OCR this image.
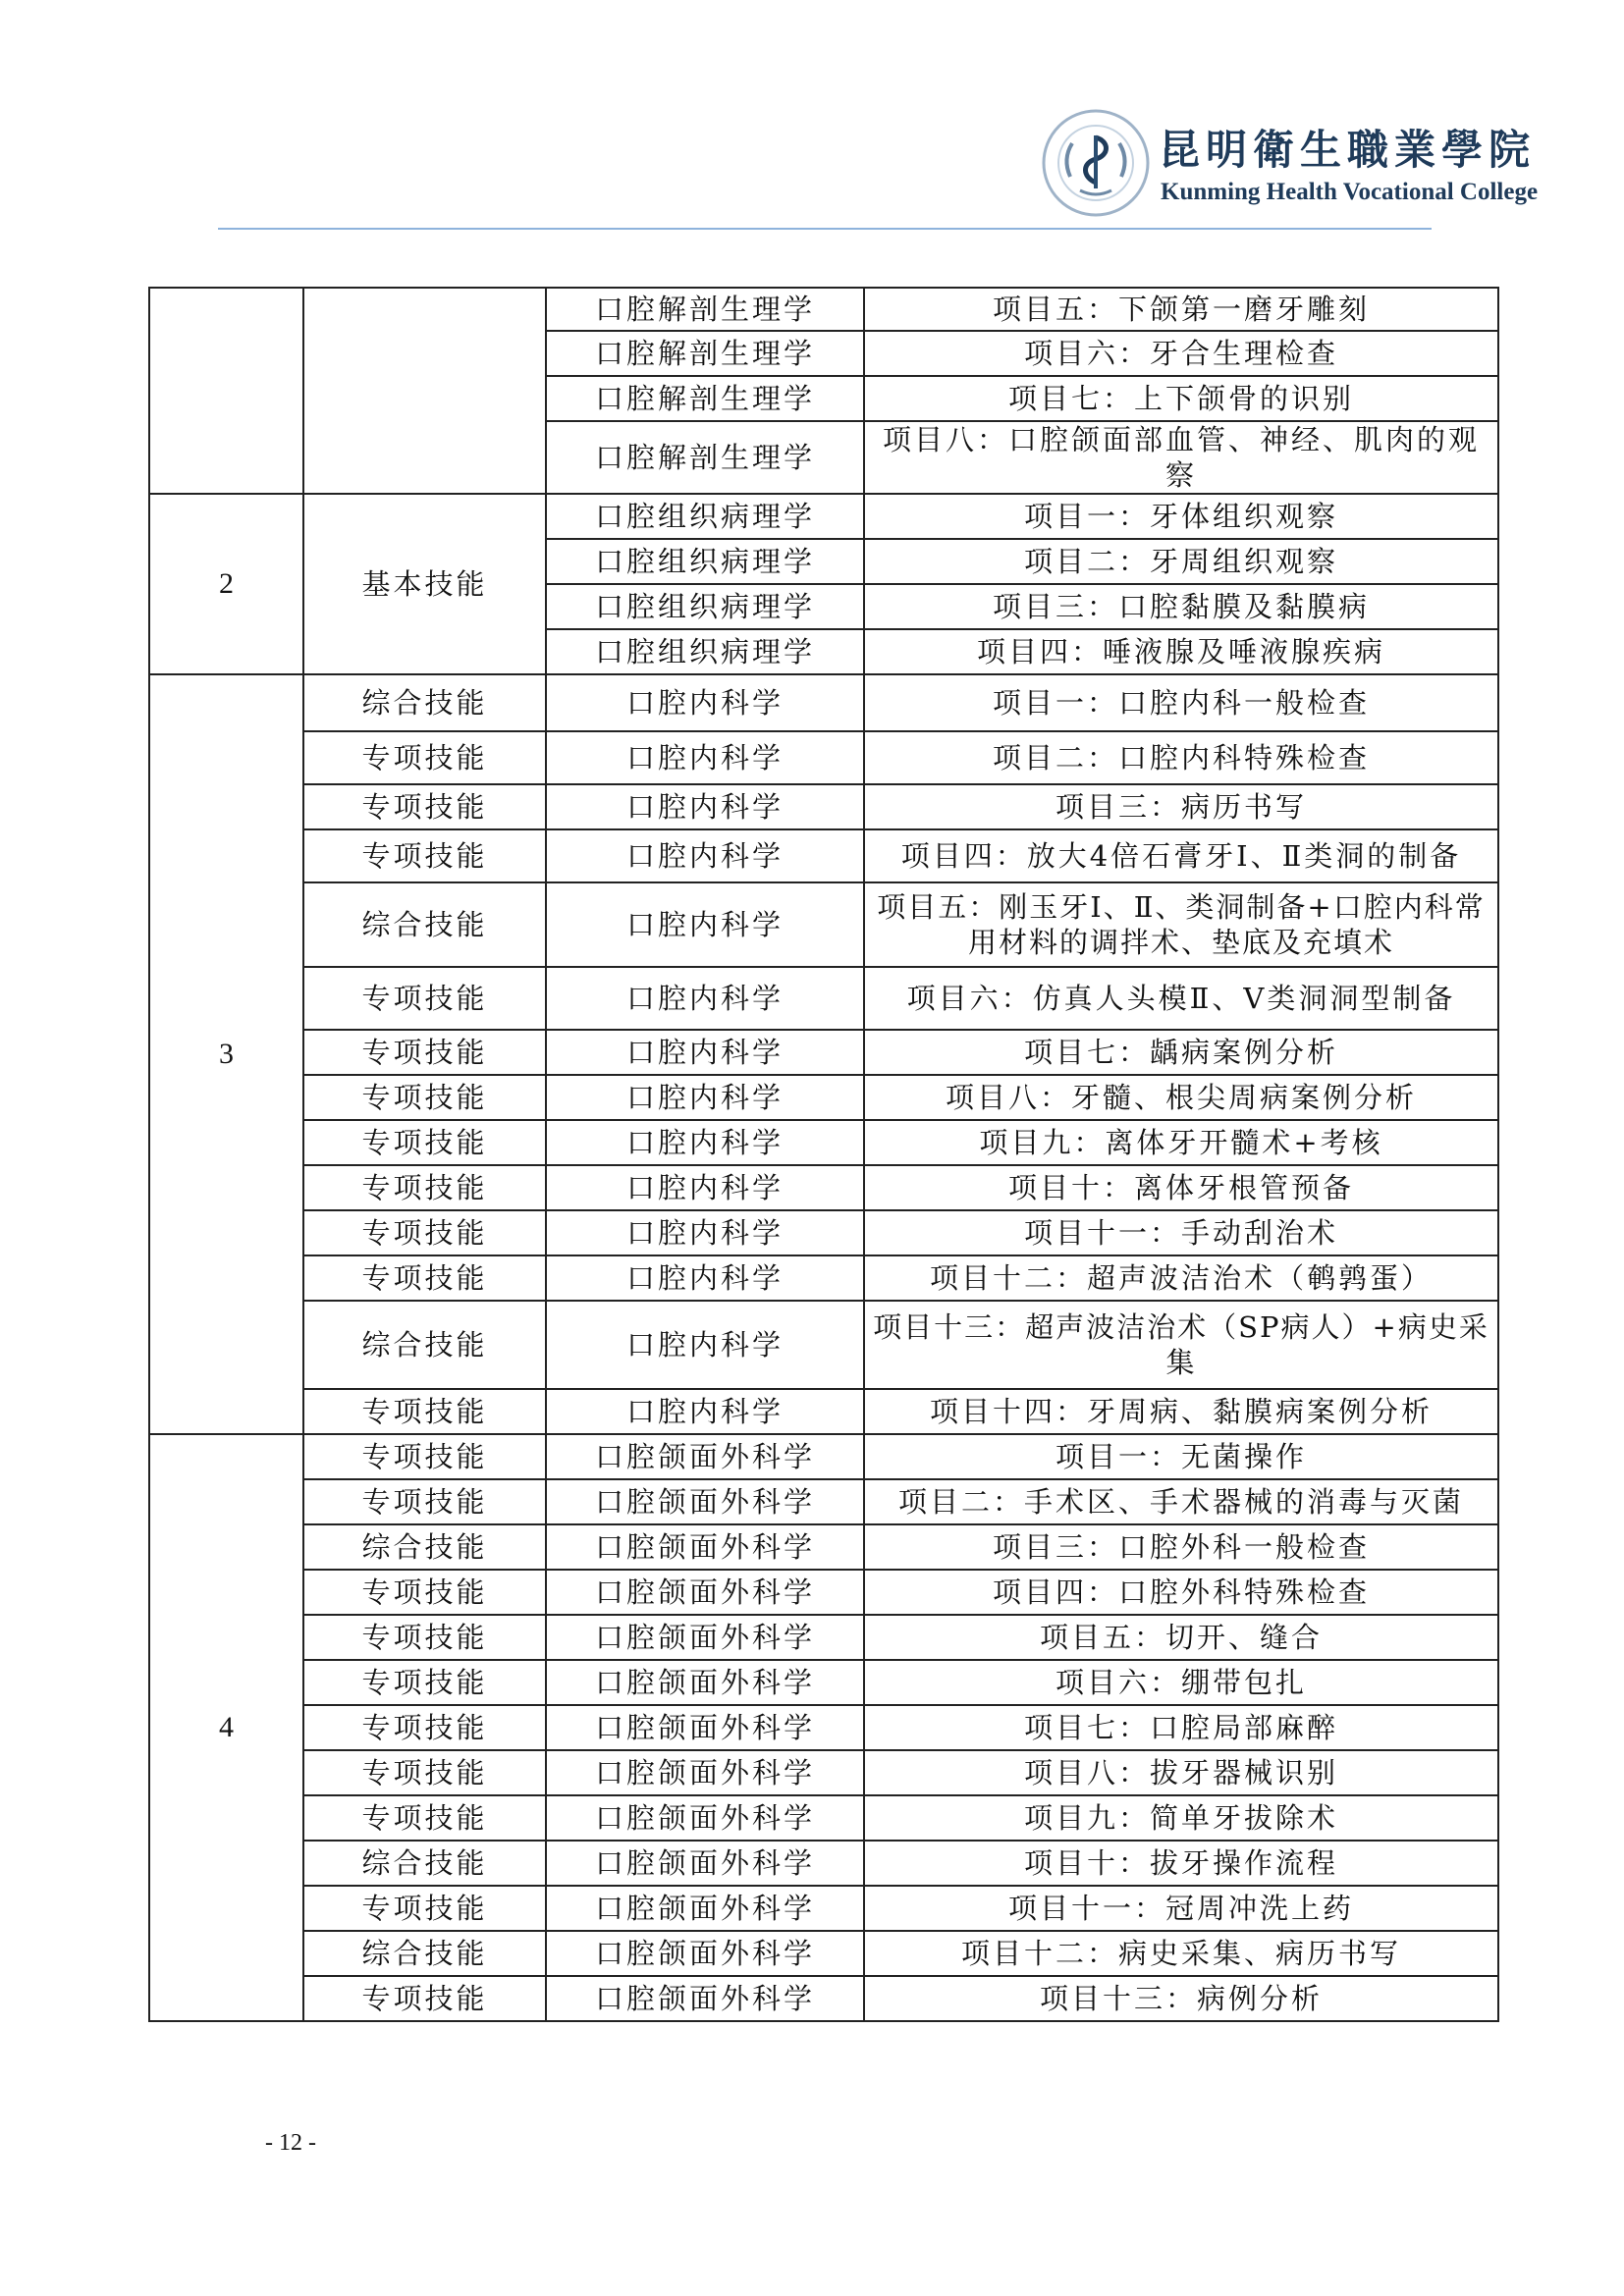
昆明衛生職業學院
Kunming Health Vocational College
		口腔解剖生理学	项目五：下颌第一磨牙雕刻
		口腔解剖生理学	项目六：牙合生理检查
		口腔解剖生理学	项目七：上下颌骨的识别
		口腔解剖生理学	项目八：口腔颌面部血管、神经、肌肉的观察
2	基本技能	口腔组织病理学	项目一：牙体组织观察
		口腔组织病理学	项目二：牙周组织观察
		口腔组织病理学	项目三：口腔黏膜及黏膜病
		口腔组织病理学	项目四：唾液腺及唾液腺疾病
3	综合技能	口腔内科学	项目一：口腔内科一般检查
	专项技能	口腔内科学	项目二：口腔内科特殊检查
	专项技能	口腔内科学	项目三：病历书写
	专项技能	口腔内科学	项目四：放大4倍石膏牙Ⅰ、Ⅱ类洞的制备
	综合技能	口腔内科学	项目五：刚玉牙Ⅰ、Ⅱ、类洞制备+口腔内科常用材料的调拌术、垫底及充填术
	专项技能	口腔内科学	项目六：仿真人头模Ⅱ、Ⅴ类洞洞型制备
	专项技能	口腔内科学	项目七：龋病案例分析
	专项技能	口腔内科学	项目八：牙髓、根尖周病案例分析
	专项技能	口腔内科学	项目九：离体牙开髓术+考核
	专项技能	口腔内科学	项目十：离体牙根管预备
	专项技能	口腔内科学	项目十一：手动刮治术
	专项技能	口腔内科学	项目十二：超声波洁治术（鹌鹑蛋）
	综合技能	口腔内科学	项目十三：超声波洁治术（SP病人）+病史采集
	专项技能	口腔内科学	项目十四：牙周病、黏膜病案例分析
4	专项技能	口腔颌面外科学	项目一：无菌操作
	专项技能	口腔颌面外科学	项目二：手术区、手术器械的消毒与灭菌
	综合技能	口腔颌面外科学	项目三：口腔外科一般检查
	专项技能	口腔颌面外科学	项目四：口腔外科特殊检查
	专项技能	口腔颌面外科学	项目五：切开、缝合
	专项技能	口腔颌面外科学	项目六：绷带包扎
	专项技能	口腔颌面外科学	项目七：口腔局部麻醉
	专项技能	口腔颌面外科学	项目八：拔牙器械识别
	专项技能	口腔颌面外科学	项目九：简单牙拔除术
	综合技能	口腔颌面外科学	项目十：拔牙操作流程
	专项技能	口腔颌面外科学	项目十一：冠周冲洗上药
	综合技能	口腔颌面外科学	项目十二：病史采集、病历书写
	专项技能	口腔颌面外科学	项目十三：病例分析
- 12 -
